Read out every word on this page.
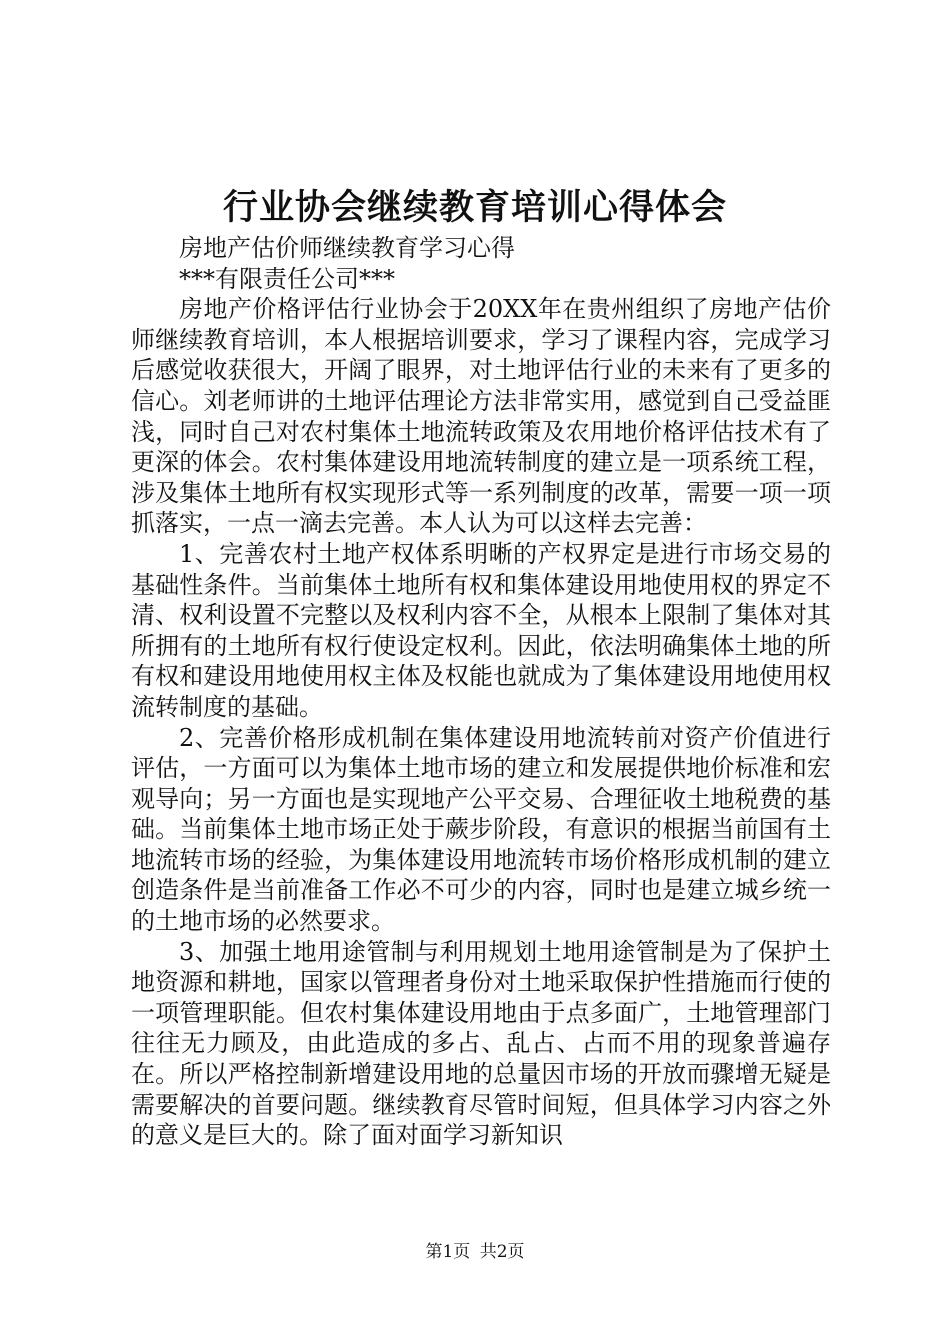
行业协会继续教育培训心得体会

房地产估价师继续教育学习心得

***有限责任公司***

房地产价格评估行业协会于20XX年在贵州组织了房地产估价师继续教育培训，本人根据培训要求，学习了课程内容，完成学习后感觉收获很大，开阔了眼界，对土地评估行业的未来有了更多的信心。刘老师讲的土地评估理论方法非常实用，感觉到自己受益匪浅，同时自己对农村集体土地流转政策及农用地价格评估技术有了更深的体会。农村集体建设用地流转制度的建立是一项系统工程，涉及集体土地所有权实现形式等一系列制度的改革，需要一项一项抓落实，一点一滴去完善。本人认为可以这样去完善：

1、完善农村土地产权体系明晰的产权界定是进行市场交易的基础性条件。当前集体土地所有权和集体建设用地使用权的界定不清、权利设置不完整以及权利内容不全，从根本上限制了集体对其所拥有的土地所有权行使设定权利。因此，依法明确集体土地的所有权和建设用地使用权主体及权能也就成为了集体建设用地使用权流转制度的基础。

2、完善价格形成机制在集体建设用地流转前对资产价值进行评估，一方面可以为集体土地市场的建立和发展提供地价标准和宏观导向；另一方面也是实现地产公平交易、合理征收土地税费的基础。当前集体土地市场正处于蕨步阶段，有意识的根据当前国有土地流转市场的经验，为集体建设用地流转市场价格形成机制的建立创造条件是当前准备工作必不可少的内容，同时也是建立城乡统一的土地市场的必然要求。

3、加强土地用途管制与利用规划土地用途管制是为了保护土地资源和耕地，国家以管理者身份对土地采取保护性措施而行使的一项管理职能。但农村集体建设用地由于点多面广，土地管理部门往往无力顾及，由此造成的多占、乱占、占而不用的现象普遍存在。所以严格控制新增建设用地的总量因市场的开放而骤增无疑是需要解决的首要问题。继续教育尽管时间短，但具体学习内容之外的意义是巨大的。除了面对面学习新知识

第1页 共2页
